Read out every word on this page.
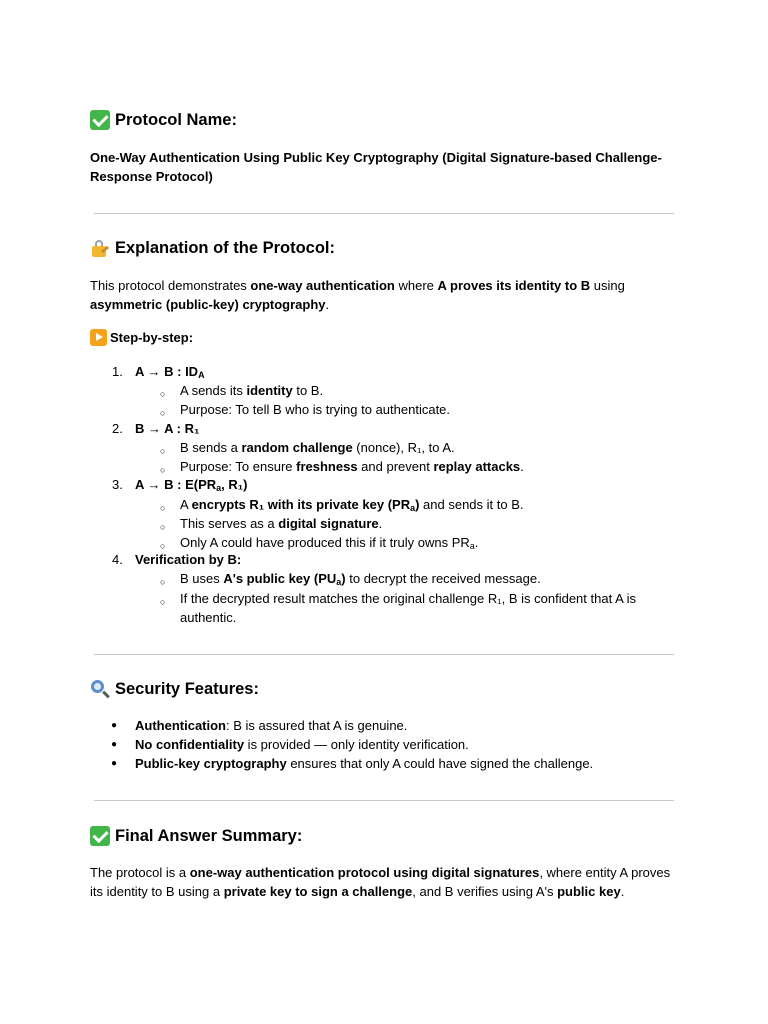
Protocol Name:
One-Way Authentication Using Public Key Cryptography (Digital Signature-based Challenge-Response Protocol)
Explanation of the Protocol:
This protocol demonstrates one-way authentication where A proves its identity to B using asymmetric (public-key) cryptography.
Step-by-step:
1. A → B : $ID_A$
○ A sends its identity to B.
○ Purpose: To tell B who is trying to authenticate.
2. B → A : R₁
○ B sends a random challenge (nonce), R₁, to A.
○ Purpose: To ensure freshness and prevent replay attacks.
3. A → B : $E(PR_a$, R₁)
○ A encrypts R₁ with its private key $(PR_a)$ and sends it to B.
○ This serves as a digital signature.
○ Only A could have produced this if it truly owns $PR_a$.
4. Verification by B:
○ B uses A's public key $(PU_a)$ to decrypt the received message.
○ If the decrypted result matches the original challenge R₁, B is confident that A is
authentic.
Security Features:
● Authentication: B is assured that A is genuine.
● No confidentiality is provided — only identity verification.
● Public-key cryptography ensures that only A could have signed the challenge.
Final Answer Summary:
The protocol is a one-way authentication protocol using digital signatures, where entity A proves its identity to B using a private key to sign a challenge, and B verifies using A's public key.
